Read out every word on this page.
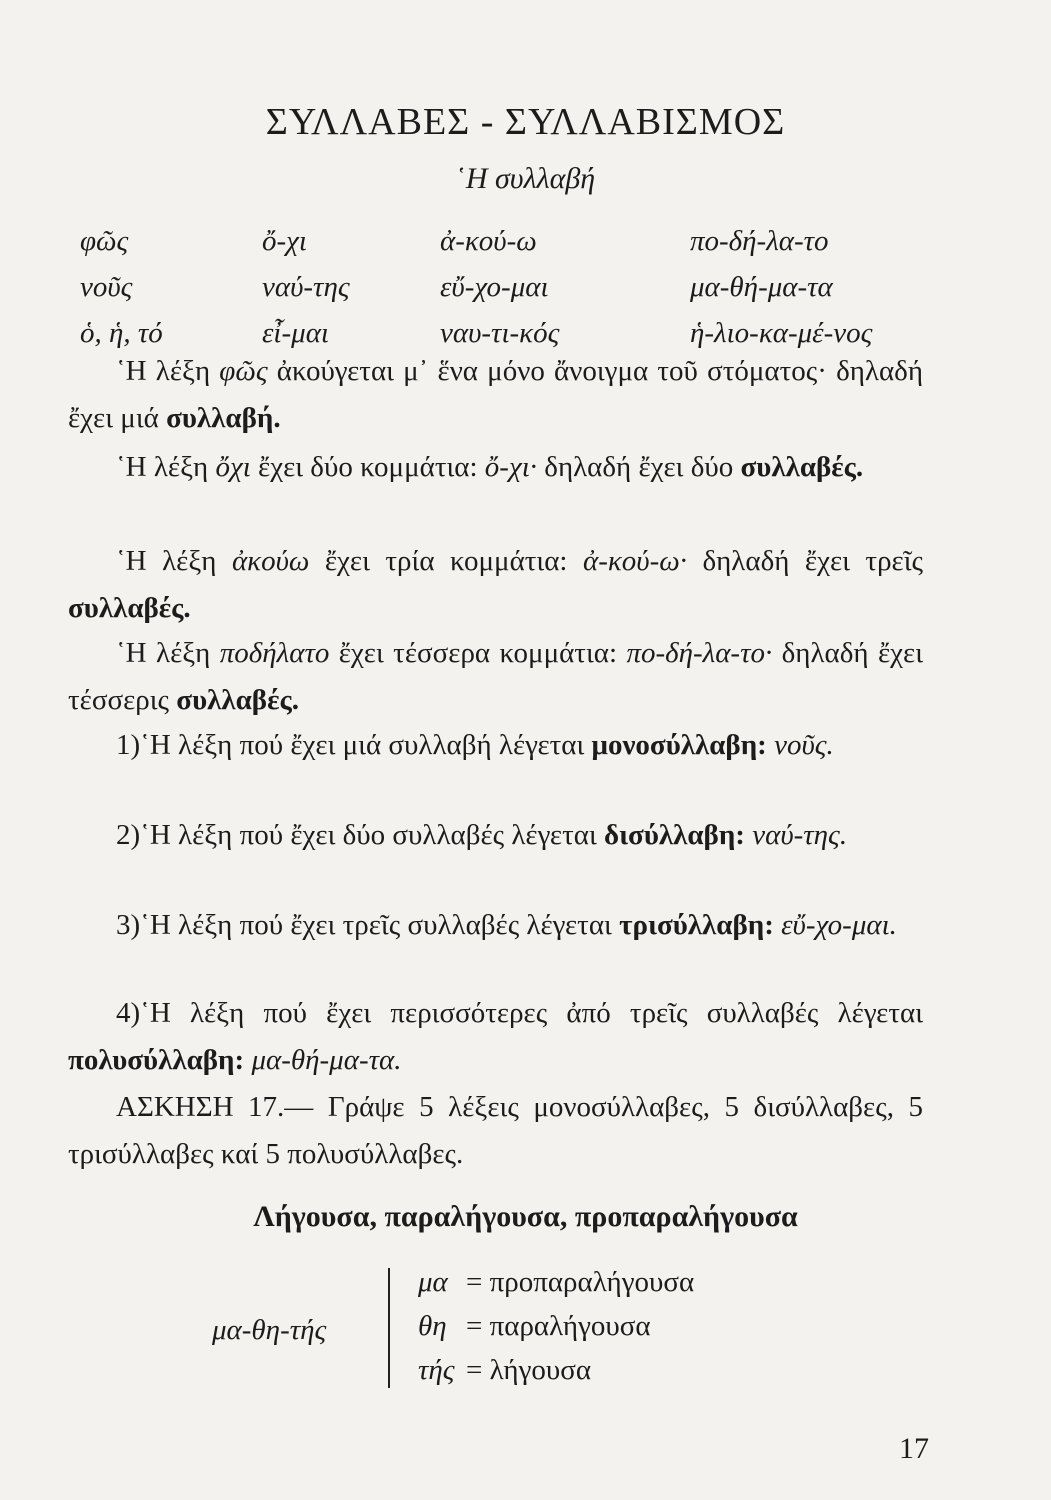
ΣΥΛΛΑΒΕΣ - ΣΥΛΛΑΒΙΣΜΟΣ
῾Η συλλαβή
φῶς	ὄ-χι	ἀ-κού-ω	πο-δή-λα-το
νοῦς	ναύ-της	εὔ-χο-μαι	μα-θή-μα-τα
ὁ, ἡ, τό	εἶ-μαι	ναυ-τι-κός	ἡ-λιο-κα-μέ-νος

῾Η λέξη φῶς ἀκούγεται μ᾿ ἕνα μόνο ἄνοιγμα τοῦ στόματος· δηλαδή ἔχει μιά συλλαβή.

῾Η λέξη ὄχι ἔχει δύο κομμάτια: ὄ-χι· δηλαδή ἔχει δύο συλλαβές.

῾Η λέξη ἀκούω ἔχει τρία κομμάτια: ἀ-κού-ω· δηλαδή ἔχει τρεῖς συλλαβές.

῾Η λέξη ποδήλατο ἔχει τέσσερα κομμάτια: πο-δή-λα-το· δηλαδή ἔχει τέσσερις συλλαβές.

1)῾Η λέξη πού ἔχει μιά συλλαβή λέγεται μονοσύλλαβη: νοῦς.

2)῾Η λέξη πού ἔχει δύο συλλαβές λέγεται δισύλλαβη: ναύ-της.

3)῾Η λέξη πού ἔχει τρεῖς συλλαβές λέγεται τρισύλλαβη: εὔ-χο-μαι.

4)῾Η λέξη πού ἔχει περισσότερες ἀπό τρεῖς συλλαβές λέγεται πολυσύλλαβη: μα-θή-μα-τα.

ΑΣΚΗΣΗ 17.— Γράψε 5 λέξεις μονοσύλλαβες, 5 δισύλλαβες, 5 τρισύλλαβες καί 5 πολυσύλλαβες.

Λήγουσα, παραλήγουσα, προπαραλήγουσα
μα-θη-τής
μα = προπαραλήγουσα
θη = παραλήγουσα
τής = λήγουσα
17
